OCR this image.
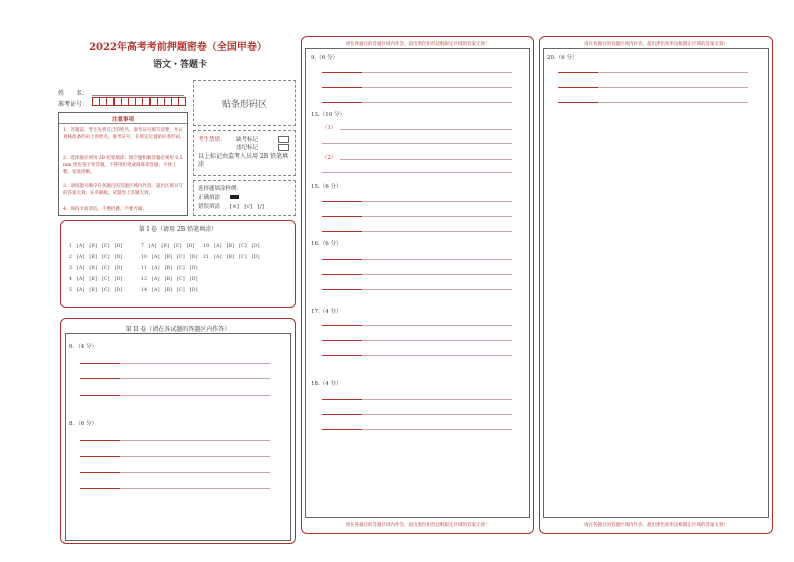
2022年高考考前押题密卷（全国甲卷）
语文・答题卡
姓　　名：
准考证号：	贴条形码区
注意事项
1．答题前，考生先将自己的姓名，准考证号填写清楚，并认真核准条形码上的姓名、准考证号，在规定位置贴好条形码。
2．选择题必须用 2B 铅笔填涂；填空题和解答题必须用 0.5 mm 黑色签字笔答题，不得用铅笔或圆珠笔答题；字体工整、笔迹清晰。
3．请按题号顺序在各题目的答题区域内作答，超出区域书写的答案无效；在草稿纸、试题卷上答题无效。
4．保持卡面清洁，不要折叠、不要弄破。
考生禁填： 缺考标记
违纪标记
以上标记由监考人员用 2B 铅笔填涂
选择题填涂样例：
正确填涂
错误填涂 [×]　[√]　[/]
第 I 卷（请用 2B 铅笔填涂）
1　[A]　[B]　[C]　[D]	7　[A]　[B]　[C]　[D] 19　[A]　[B]　[C]　[D]
2　[A]　[B]　[C]　[D]	10　[A]　[B]　[C]　[D] 21　[A]　[B]　[C]　[D]
3　[A]　[B]　[C]　[D]	11　[A]　[B]　[C]　[D]
4　[A]　[B]　[C]　[D]	12　[A]　[B]　[C]　[D]
5　[A]　[B]　[C]　[D]	14　[A]　[B]　[C]　[D]
第 II 卷（请在各试题的答题区内作答）
6．（4 分）
8．（6 分）
请在各题目的答题区域内作答，超出黑色矩形边框限定区域的答案无效！
请在各题目的答题区域内作答，超出黑色矩形边框限定区域的答案无效！
9.（6 分）
13.（10 分）
（1）
（2）
15.（6 分）
16.（6 分）
17.（4 分）
18.（4 分）
请在各题目的答题区域内作答，超出黑色矩形边框限定区域的答案无效！
请在各题目的答题区域内作答，超出黑色矩形边框限定区域的答案无效！
20.（6 分）
